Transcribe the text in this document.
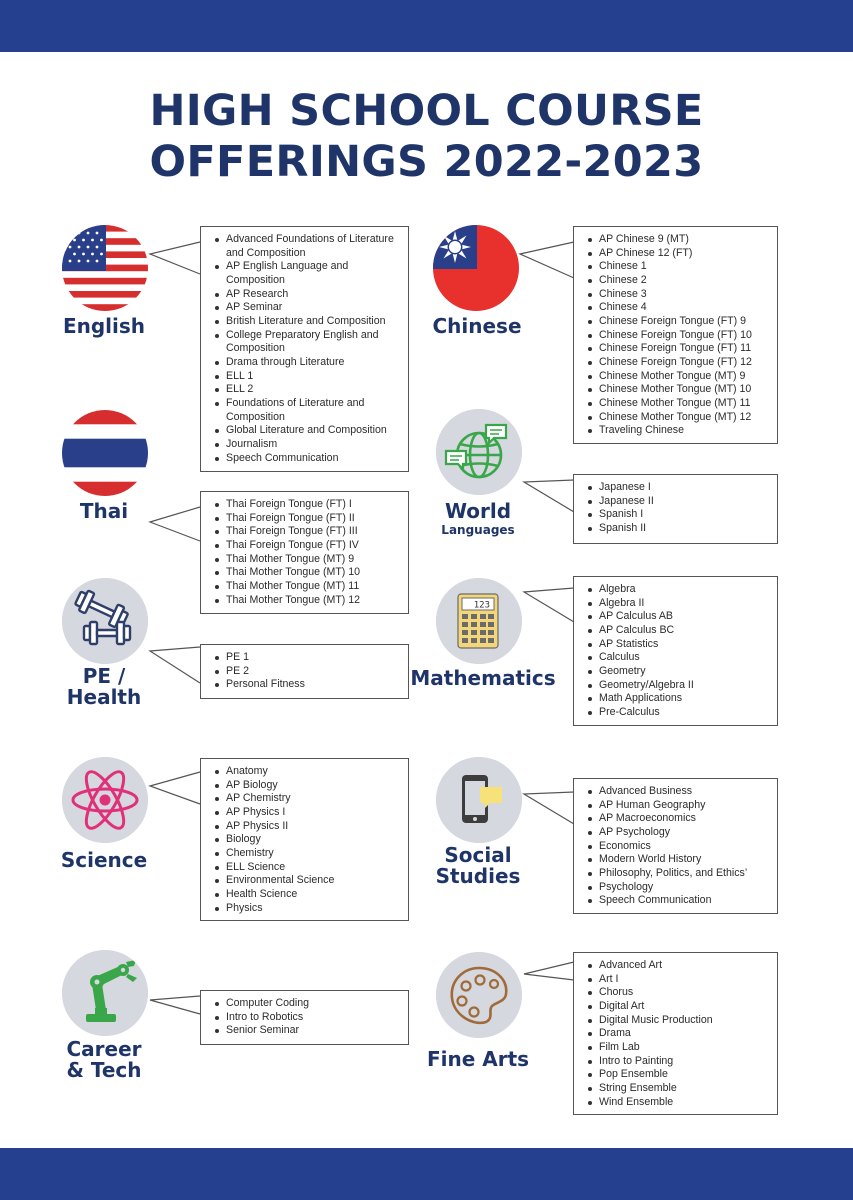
HIGH SCHOOL COURSE
OFFERINGS 2022-2023
English
Advanced Foundations of Literature and Composition
AP English Language and Composition
AP Research
AP Seminar
British Literature and Composition
College Preparatory English and Composition
Drama through Literature
ELL 1
ELL 2
Foundations of Literature and Composition
Global Literature and Composition
Journalism
Speech Communication
Thai	Thai Foreign Tongue (FT) I
Thai Foreign Tongue (FT) II
Thai Foreign Tongue (FT) III
Thai Foreign Tongue (FT) IV
Thai Mother Tongue (MT) 9
Thai Mother Tongue (MT) 10
Thai Mother Tongue (MT) 11
Thai Mother Tongue (MT) 12
PE /
Health
PE 1
PE 2
Personal Fitness
Science
Anatomy
AP Biology
AP Chemistry
AP Physics I
AP Physics II
Biology
Chemistry
ELL Science
Environmental Science
Health Science
Physics
Career
& Tech
Computer Coding
Intro to Robotics
Senior Seminar
Chinese
AP Chinese 9 (MT)
AP Chinese 12 (FT)
Chinese 1
Chinese 2
Chinese 3
Chinese 4
Chinese Foreign Tongue (FT) 9
Chinese Foreign Tongue (FT) 10
Chinese Foreign Tongue (FT) 11
Chinese Foreign Tongue (FT) 12
Chinese Mother Tongue (MT) 9
Chinese Mother Tongue (MT) 10
Chinese Mother Tongue (MT) 11
Chinese Mother Tongue (MT) 12
Traveling Chinese
World
Languages
Japanese I
Japanese II
Spanish I
Spanish II
123
Mathematics
Algebra
Algebra II
AP Calculus AB
AP Calculus BC
AP Statistics
Calculus
Geometry
Geometry/Algebra II
Math Applications
Pre-Calculus
Social
Studies
Advanced Business
AP Human Geography
AP Macroeconomics
AP Psychology
Economics
Modern World History
Philosophy, Politics, and Ethics’
Psychology
Speech Communication
Fine Arts
Advanced Art
Art I
Chorus
Digital Art
Digital Music Production
Drama
Film Lab
Intro to Painting
Pop Ensemble
String Ensemble
Wind Ensemble
